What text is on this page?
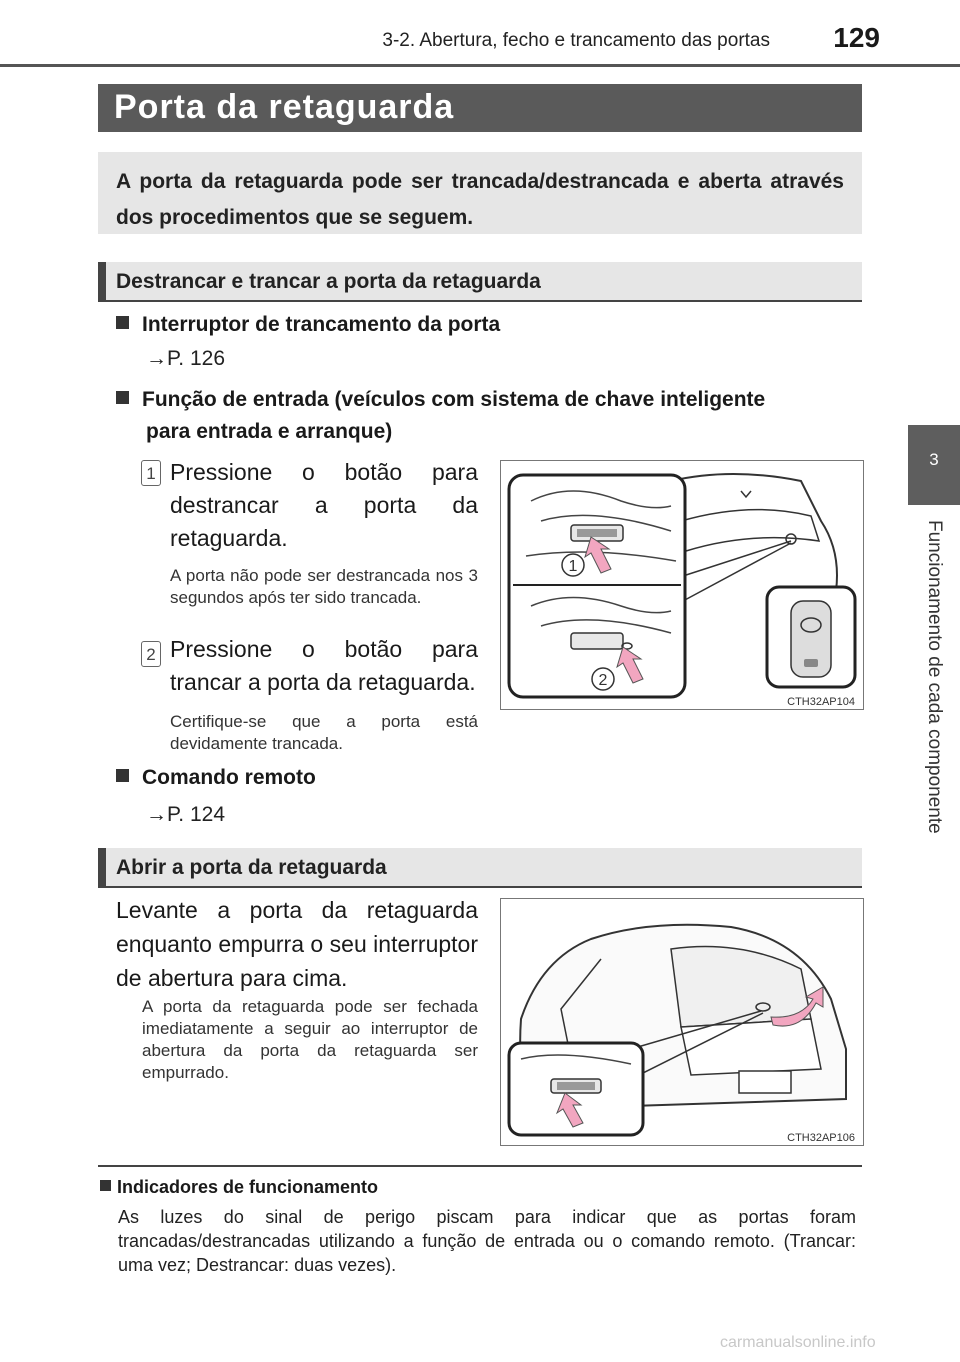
3-2. Abertura, fecho e trancamento das portas	129
3
Funcionamento de cada componente
Porta da retaguarda
A porta da retaguarda pode ser trancada/destrancada e aberta através dos procedimentos que se seguem.
Destrancar e trancar a porta da retaguarda
Interruptor de trancamento da porta
→P. 126
Função de entrada (veículos com sistema de chave inteligente
para entrada e arranque)
1 Pressione o botão para destrancar a porta da retaguarda.
A porta não pode ser destrancada nos 3 segundos após ter sido trancada.
2 Pressione o botão para trancar a porta da retaguarda.
Certifique-se que a porta está devidamente trancada.
1
2
CTH32AP104
Comando remoto
→P. 124
Abrir a porta da retaguarda
Levante a porta da retaguarda enquanto empurra o seu interruptor de abertura para cima.
A porta da retaguarda pode ser fechada imediatamente a seguir ao interruptor de abertura da porta da retaguarda ser empurrado.
CTH32AP106
Indicadores de funcionamento
As luzes do sinal de perigo piscam para indicar que as portas foram trancadas/destrancadas utilizando a função de entrada ou o comando remoto. (Trancar: uma vez; Destrancar: duas vezes).
carmanualsonline.info
